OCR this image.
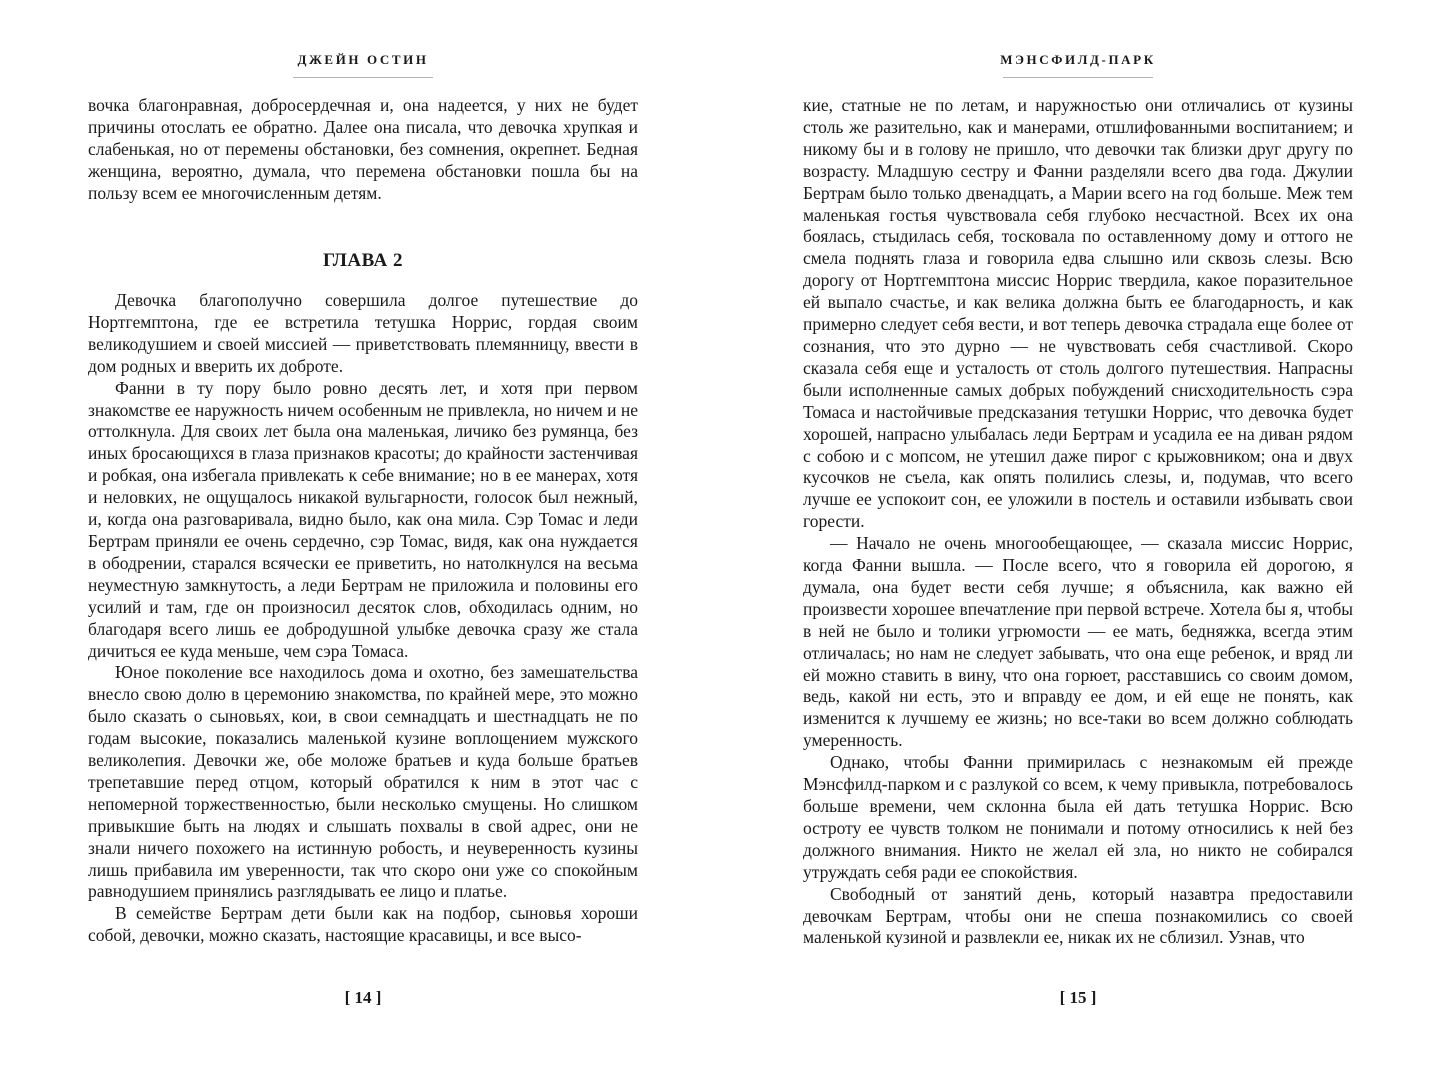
ДЖЕЙН ОСТИН

вочка благонравная, добросердечная и, она надеется, у них не будет причины отослать ее обратно. Далее она писала, что девочка хрупкая и слабенькая, но от перемены обстановки, без сомнения, окрепнет. Бедная женщина, вероятно, думала, что перемена обстановки пошла бы на пользу всем ее многочисленным детям.

ГЛАВА 2

Девочка благополучно совершила долгое путешествие до Нортгемптона, где ее встретила тетушка Норрис, гордая своим великодушием и своей миссией — приветствовать племянницу, ввести в дом родных и вверить их доброте.

Фанни в ту пору было ровно десять лет, и хотя при первом знакомстве ее наружность ничем особенным не привлекла, но ничем и не оттолкнула. Для своих лет была она маленькая, личико без румянца, без иных бросающихся в глаза признаков красоты; до крайности застенчивая и робкая, она избегала привлекать к себе внимание; но в ее манерах, хотя и неловких, не ощущалось никакой вульгарности, голосок был нежный, и, когда она разговаривала, видно было, как она мила. Сэр Томас и леди Бертрам приняли ее очень сердечно, сэр Томас, видя, как она нуждается в ободрении, старался всячески ее приветить, но натолкнулся на весьма неуместную замкнутость, а леди Бертрам не приложила и половины его усилий и там, где он произносил десяток слов, обходилась одним, но благодаря всего лишь ее добродушной улыбке девочка сразу же стала дичиться ее куда меньше, чем сэра Томаса.

Юное поколение все находилось дома и охотно, без замешательства внесло свою долю в церемонию знакомства, по крайней мере, это можно было сказать о сыновьях, кои, в свои семнадцать и шестнадцать не по годам высокие, показались маленькой кузине воплощением мужского великолепия. Девочки же, обе моложе братьев и куда больше братьев трепетавшие перед отцом, который обратился к ним в этот час с непомерной торжественностью, были несколько смущены. Но слишком привыкшие быть на людях и слышать похвалы в свой адрес, они не знали ничего похожего на истинную робость, и неуверенность кузины лишь прибавила им уверенности, так что скоро они уже со спокойным равнодушием принялись разглядывать ее лицо и платье.

В семействе Бертрам дети были как на подбор, сыновья хороши собой, девочки, можно сказать, настоящие красавицы, и все высо-

[ 14 ]
МЭНСФИЛД-ПАРК

кие, статные не по летам, и наружностью они отличались от кузины столь же разительно, как и манерами, отшлифованными воспитанием; и никому бы и в голову не пришло, что девочки так близки друг другу по возрасту. Младшую сестру и Фанни разделяли всего два года. Джулии Бертрам было только двенадцать, а Марии всего на год больше. Меж тем маленькая гостья чувствовала себя глубоко несчастной. Всех их она боялась, стыдилась себя, тосковала по оставленному дому и оттого не смела поднять глаза и говорила едва слышно или сквозь слезы. Всю дорогу от Нортгемптона миссис Норрис твердила, какое поразительное ей выпало счастье, и как велика должна быть ее благодарность, и как примерно следует себя вести, и вот теперь девочка страдала еще более от сознания, что это дурно — не чувствовать себя счастливой. Скоро сказала себя еще и усталость от столь долгого путешествия. Напрасны были исполненные самых добрых побуждений снисходительность сэра Томаса и настойчивые предсказания тетушки Норрис, что девочка будет хорошей, напрасно улыбалась леди Бертрам и усадила ее на диван рядом с собою и с мопсом, не утешил даже пирог с крыжовником; она и двух кусочков не съела, как опять полились слезы, и, подумав, что всего лучше ее успокоит сон, ее уложили в постель и оставили избывать свои горести.

— Начало не очень многообещающее, — сказала миссис Норрис, когда Фанни вышла. — После всего, что я говорила ей дорогою, я думала, она будет вести себя лучше; я объяснила, как важно ей произвести хорошее впечатление при первой встрече. Хотела бы я, чтобы в ней не было и толики угрюмости — ее мать, бедняжка, всегда этим отличалась; но нам не следует забывать, что она еще ребенок, и вряд ли ей можно ставить в вину, что она горюет, расставшись со своим домом, ведь, какой ни есть, это и вправду ее дом, и ей еще не понять, как изменится к лучшему ее жизнь; но все-таки во всем должно соблюдать умеренность.

Однако, чтобы Фанни примирилась с незнакомым ей прежде Мэнсфилд-парком и с разлукой со всем, к чему привыкла, потребовалось больше времени, чем склонна была ей дать тетушка Норрис. Всю остроту ее чувств толком не понимали и потому относились к ней без должного внимания. Никто не желал ей зла, но никто не собирался утруждать себя ради ее спокойствия.

Свободный от занятий день, который назавтра предоставили девочкам Бертрам, чтобы они не спеша познакомились со своей маленькой кузиной и развлекли ее, никак их не сблизил. Узнав, что

[ 15 ]
